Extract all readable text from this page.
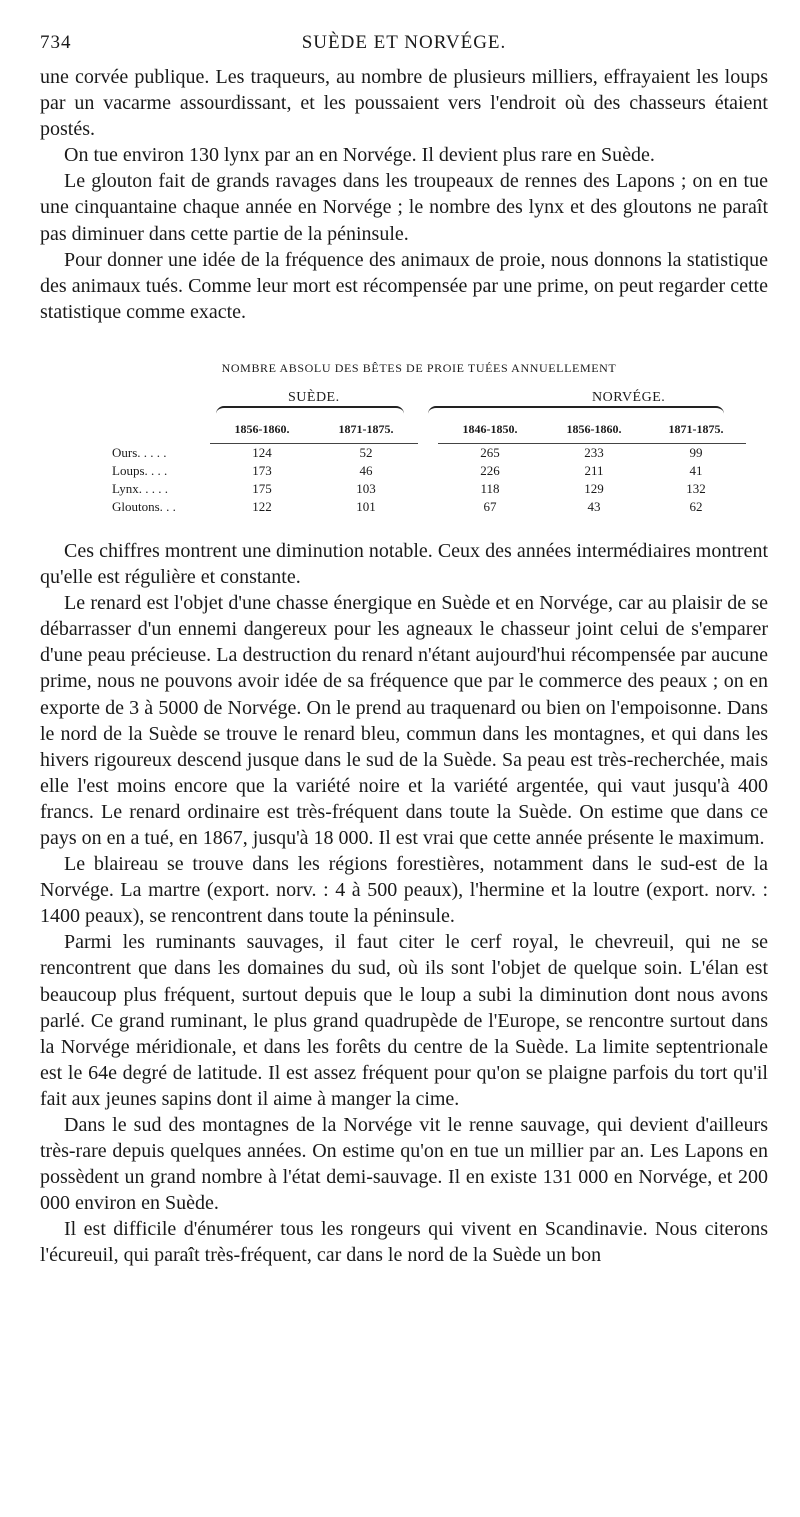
734	SUÈDE ET NORVÉGE.

une corvée publique. Les traqueurs, au nombre de plusieurs milliers, effrayaient les loups par un vacarme assourdissant, et les poussaient vers l'endroit où des chasseurs étaient postés.

On tue environ 130 lynx par an en Norvége. Il devient plus rare en Suède.

Le glouton fait de grands ravages dans les troupeaux de rennes des Lapons ; on en tue une cinquantaine chaque année en Norvége ; le nombre des lynx et des gloutons ne paraît pas diminuer dans cette partie de la péninsule.

Pour donner une idée de la fréquence des animaux de proie, nous donnons la statistique des animaux tués. Comme leur mort est récompensée par une prime, on peut regarder cette statistique comme exacte.

NOMBRE ABSOLU DES BÊTES DE PROIE TUÉES ANNUELLEMENT
SUÈDE.	NORVÉGE.
	1856-1860.	1871-1875.		1846-1850.	1856-1860.	1871-1875.
Ours. . . . .	124	52		265	233	99
Loups. . . .	173	46		226	211	41
Lynx. . . . .	175	103		118	129	132
Gloutons. . .	122	101		67	43	62

Ces chiffres montrent une diminution notable. Ceux des années intermédiaires montrent qu'elle est régulière et constante.

Le renard est l'objet d'une chasse énergique en Suède et en Norvége, car au plaisir de se débarrasser d'un ennemi dangereux pour les agneaux le chasseur joint celui de s'emparer d'une peau précieuse. La destruction du renard n'étant aujourd'hui récompensée par aucune prime, nous ne pouvons avoir idée de sa fréquence que par le commerce des peaux ; on en exporte de 3 à 5000 de Norvége. On le prend au traquenard ou bien on l'empoisonne. Dans le nord de la Suède se trouve le renard bleu, commun dans les montagnes, et qui dans les hivers rigoureux descend jusque dans le sud de la Suède. Sa peau est très-recherchée, mais elle l'est moins encore que la variété noire et la variété argentée, qui vaut jusqu'à 400 francs. Le renard ordinaire est très-fréquent dans toute la Suède. On estime que dans ce pays on en a tué, en 1867, jusqu'à 18 000. Il est vrai que cette année présente le maximum.

Le blaireau se trouve dans les régions forestières, notamment dans le sud-est de la Norvége. La martre (export. norv. : 4 à 500 peaux), l'hermine et la loutre (export. norv. : 1400 peaux), se rencontrent dans toute la péninsule.

Parmi les ruminants sauvages, il faut citer le cerf royal, le chevreuil, qui ne se rencontrent que dans les domaines du sud, où ils sont l'objet de quelque soin. L'élan est beaucoup plus fréquent, surtout depuis que le loup a subi la diminution dont nous avons parlé. Ce grand ruminant, le plus grand quadrupède de l'Europe, se rencontre surtout dans la Norvége méridionale, et dans les forêts du centre de la Suède. La limite septentrionale est le 64e degré de latitude. Il est assez fréquent pour qu'on se plaigne parfois du tort qu'il fait aux jeunes sapins dont il aime à manger la cime.

Dans le sud des montagnes de la Norvége vit le renne sauvage, qui devient d'ailleurs très-rare depuis quelques années. On estime qu'on en tue un millier par an. Les Lapons en possèdent un grand nombre à l'état demi-sauvage. Il en existe 131 000 en Norvége, et 200 000 environ en Suède.

Il est difficile d'énumérer tous les rongeurs qui vivent en Scandinavie. Nous citerons l'écureuil, qui paraît très-fréquent, car dans le nord de la Suède un bon
